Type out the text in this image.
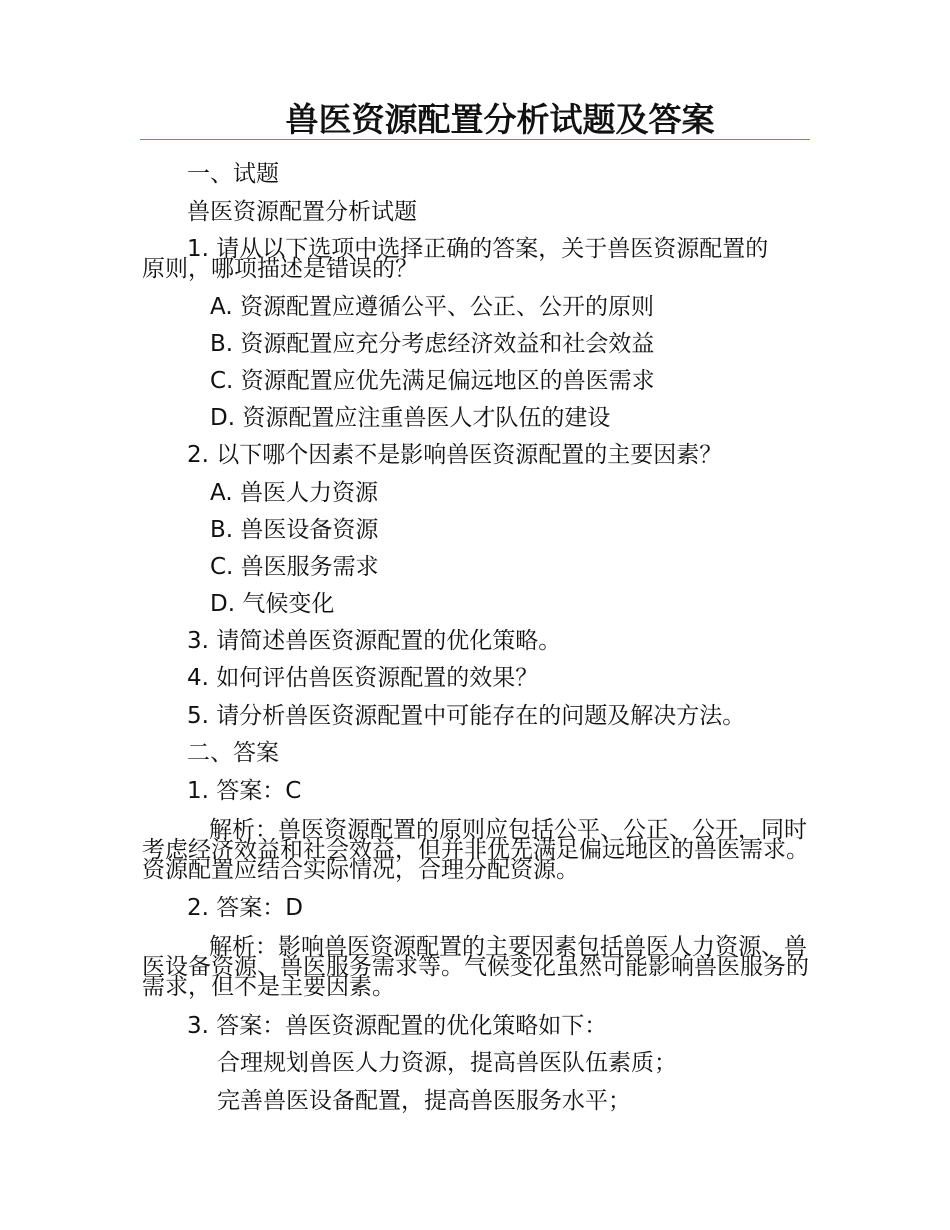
兽医资源配置分析试题及答案

一、试题

兽医资源配置分析试题

1. 请从以下选项中选择正确的答案，关于兽医资源配置的

原则，哪项描述是错误的？

A. 资源配置应遵循公平、公正、公开的原则

B. 资源配置应充分考虑经济效益和社会效益

C. 资源配置应优先满足偏远地区的兽医需求

D. 资源配置应注重兽医人才队伍的建设

2. 以下哪个因素不是影响兽医资源配置的主要因素？

A. 兽医人力资源

B. 兽医设备资源

C. 兽医服务需求

D. 气候变化

3. 请简述兽医资源配置的优化策略。

4. 如何评估兽医资源配置的效果？

5. 请分析兽医资源配置中可能存在的问题及解决方法。

二、答案

1. 答案：C

解析：兽医资源配置的原则应包括公平、公正、公开，同时考虑经济效益和社会效益，但并非优先满足偏远地区的兽医需求。资源配置应结合实际情况，合理分配资源。

2. 答案：D

解析：影响兽医资源配置的主要因素包括兽医人力资源、兽医设备资源、兽医服务需求等。气候变化虽然可能影响兽医服务的需求，但不是主要因素。

3. 答案：兽医资源配置的优化策略如下：

合理规划兽医人力资源，提高兽医队伍素质；

完善兽医设备配置，提高兽医服务水平；
